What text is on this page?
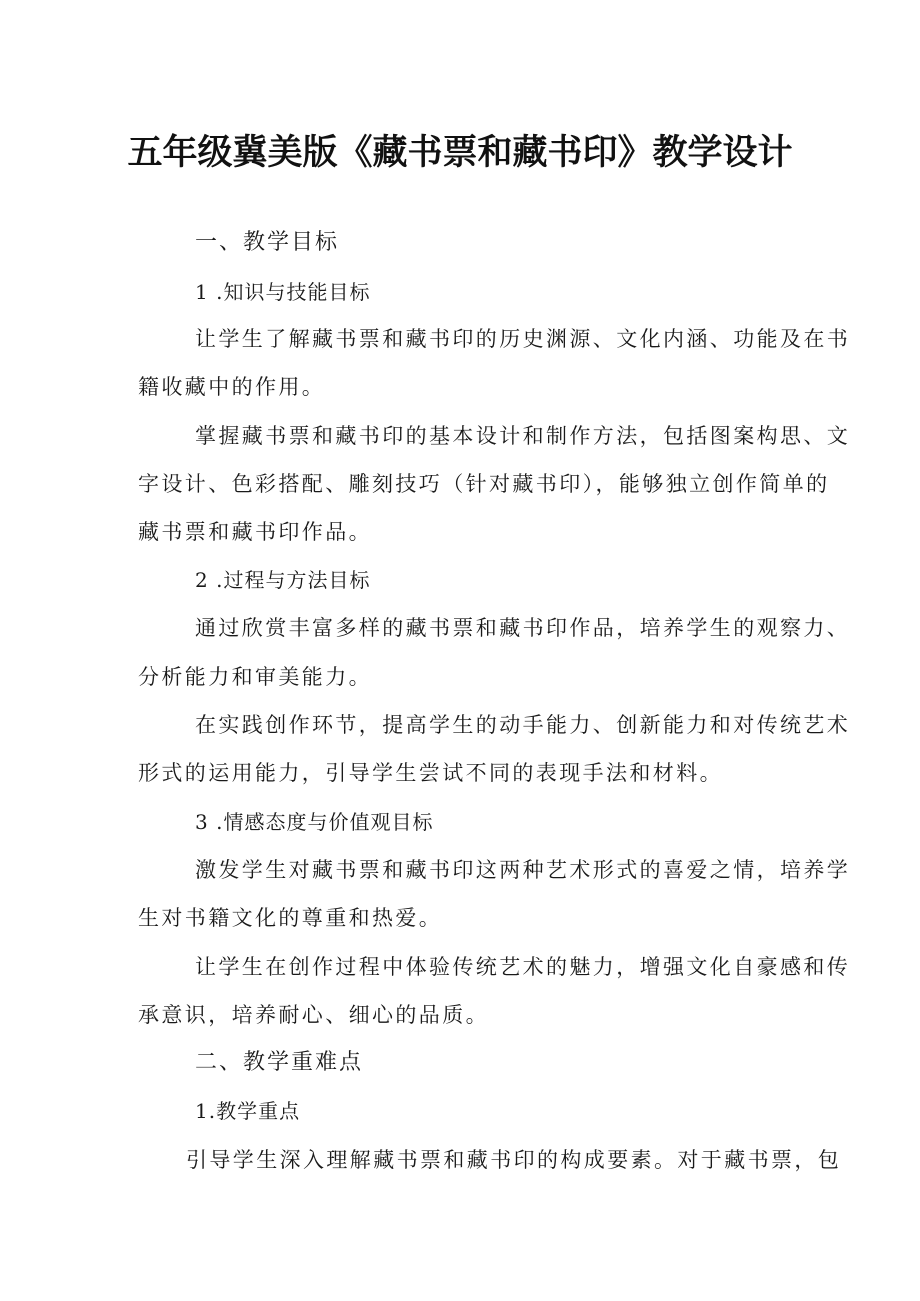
五年级冀美版《藏书票和藏书印》教学设计

一、教学目标

1 .知识与技能目标

让学生了解藏书票和藏书印的历史渊源、文化内涵、功能及在书

籍收藏中的作用。

掌握藏书票和藏书印的基本设计和制作方法，包括图案构思、文

字设计、色彩搭配、雕刻技巧（针对藏书印），能够独立创作简单的

藏书票和藏书印作品。

2 .过程与方法目标

通过欣赏丰富多样的藏书票和藏书印作品，培养学生的观察力、

分析能力和审美能力。

在实践创作环节，提高学生的动手能力、创新能力和对传统艺术

形式的运用能力，引导学生尝试不同的表现手法和材料。

3 .情感态度与价值观目标

激发学生对藏书票和藏书印这两种艺术形式的喜爱之情，培养学

生对书籍文化的尊重和热爱。

让学生在创作过程中体验传统艺术的魅力，增强文化自豪感和传

承意识，培养耐心、细心的品质。

二、教学重难点

1.教学重点

引导学生深入理解藏书票和藏书印的构成要素。对于藏书票，包
